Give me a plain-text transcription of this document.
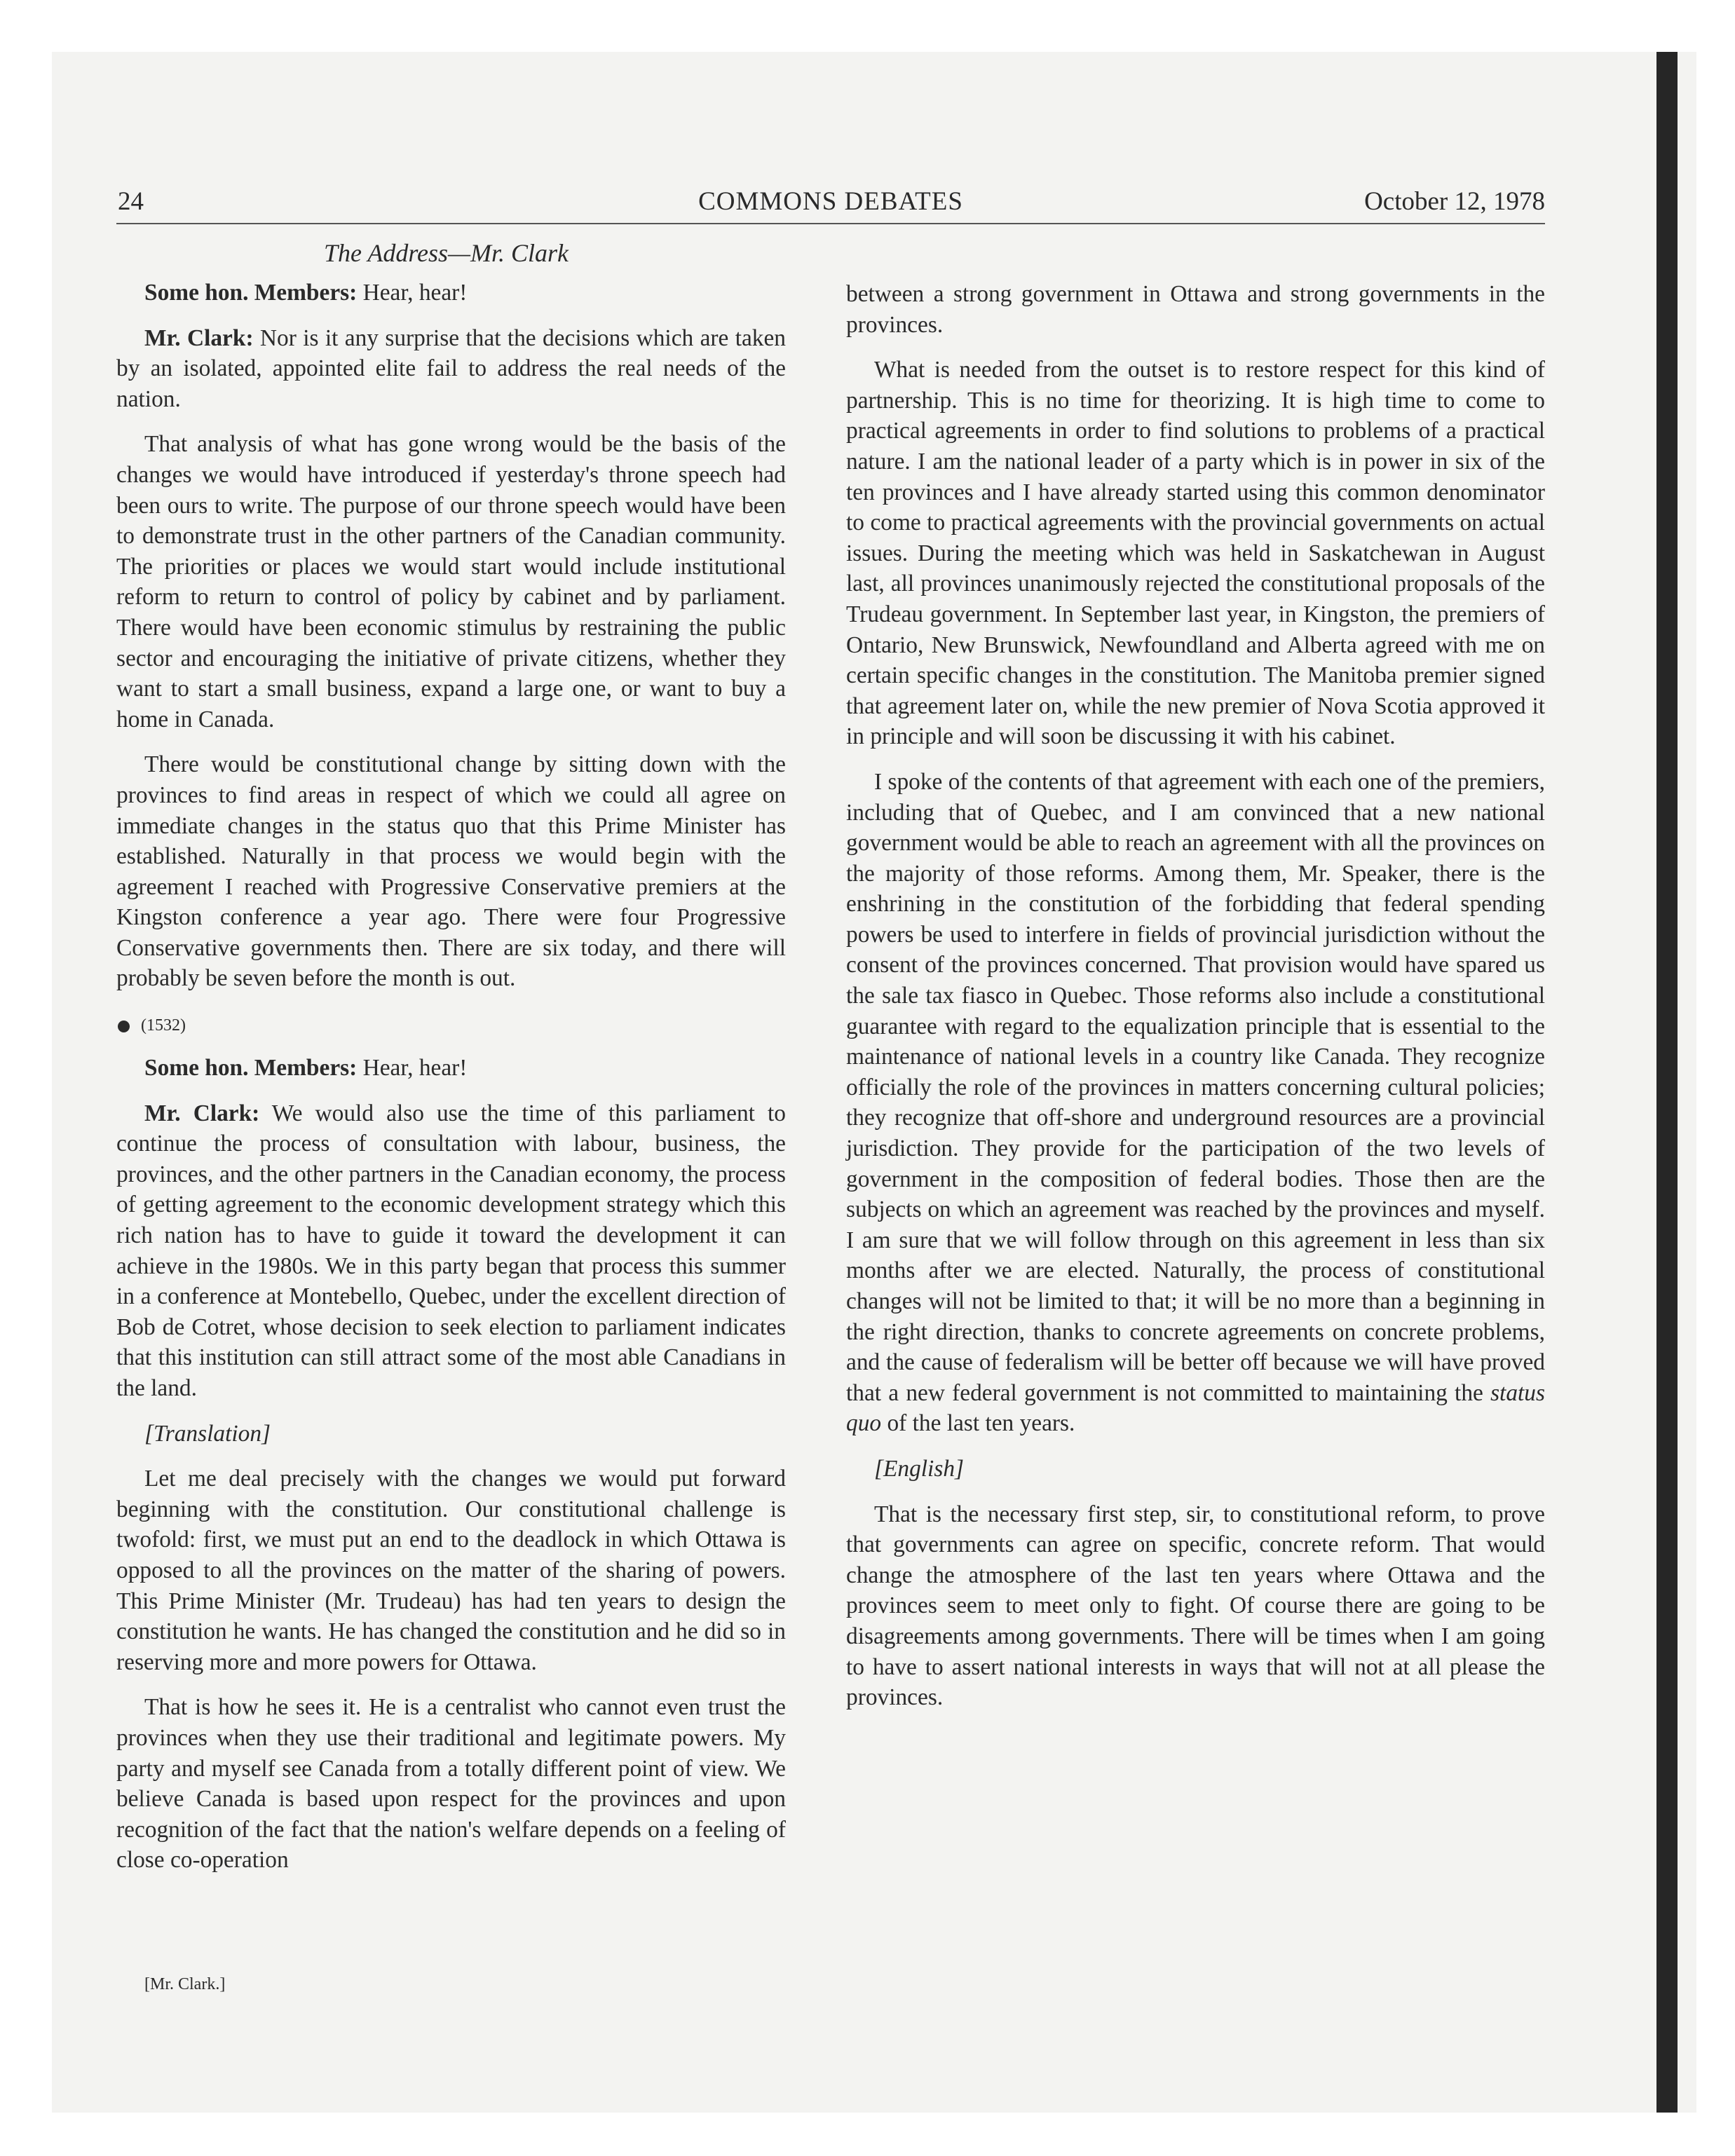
24	COMMONS DEBATES	October 12, 1978
The Address—Mr. Clark

Some hon. Members: Hear, hear!

Mr. Clark: Nor is it any surprise that the decisions which are taken by an isolated, appointed elite fail to address the real needs of the nation.

That analysis of what has gone wrong would be the basis of the changes we would have introduced if yesterday's throne speech had been ours to write. The purpose of our throne speech would have been to demonstrate trust in the other partners of the Canadian community. The priorities or places we would start would include institutional reform to return to control of policy by cabinet and by parliament. There would have been economic stimulus by restraining the public sector and encouraging the initiative of private citizens, whether they want to start a small business, expand a large one, or want to buy a home in Canada.

There would be constitutional change by sitting down with the provinces to find areas in respect of which we could all agree on immediate changes in the status quo that this Prime Minister has established. Naturally in that process we would begin with the agreement I reached with Progressive Conservative premiers at the Kingston conference a year ago. There were four Progressive Conservative governments then. There are six today, and there will probably be seven before the month is out.

(1532)

Some hon. Members: Hear, hear!

Mr. Clark: We would also use the time of this parliament to continue the process of consultation with labour, business, the provinces, and the other partners in the Canadian economy, the process of getting agreement to the economic development strategy which this rich nation has to have to guide it toward the development it can achieve in the 1980s. We in this party began that process this summer in a conference at Montebello, Quebec, under the excellent direction of Bob de Cotret, whose decision to seek election to parliament indicates that this institution can still attract some of the most able Canadians in the land.

[Translation]

Let me deal precisely with the changes we would put forward beginning with the constitution. Our constitutional challenge is twofold: first, we must put an end to the deadlock in which Ottawa is opposed to all the provinces on the matter of the sharing of powers. This Prime Minister (Mr. Trudeau) has had ten years to design the constitution he wants. He has changed the constitution and he did so in reserving more and more powers for Ottawa.

That is how he sees it. He is a centralist who cannot even trust the provinces when they use their traditional and legitimate powers. My party and myself see Canada from a totally different point of view. We believe Canada is based upon respect for the provinces and upon recognition of the fact that the nation's welfare depends on a feeling of close co-operation

between a strong government in Ottawa and strong governments in the provinces.

What is needed from the outset is to restore respect for this kind of partnership. This is no time for theorizing. It is high time to come to practical agreements in order to find solutions to problems of a practical nature. I am the national leader of a party which is in power in six of the ten provinces and I have already started using this common denominator to come to practical agreements with the provincial governments on actual issues. During the meeting which was held in Saskatchewan in August last, all provinces unanimously rejected the constitutional proposals of the Trudeau government. In September last year, in Kingston, the premiers of Ontario, New Brunswick, Newfoundland and Alberta agreed with me on certain specific changes in the constitution. The Manitoba premier signed that agreement later on, while the new premier of Nova Scotia approved it in principle and will soon be discussing it with his cabinet.

I spoke of the contents of that agreement with each one of the premiers, including that of Quebec, and I am convinced that a new national government would be able to reach an agreement with all the provinces on the majority of those reforms. Among them, Mr. Speaker, there is the enshrining in the constitution of the forbidding that federal spending powers be used to interfere in fields of provincial jurisdiction without the consent of the provinces concerned. That provision would have spared us the sale tax fiasco in Quebec. Those reforms also include a constitutional guarantee with regard to the equalization principle that is essential to the maintenance of national levels in a country like Canada. They recognize officially the role of the provinces in matters concerning cultural policies; they recognize that off-shore and underground resources are a provincial jurisdiction. They provide for the participation of the two levels of government in the composition of federal bodies. Those then are the subjects on which an agreement was reached by the provinces and myself. I am sure that we will follow through on this agreement in less than six months after we are elected. Naturally, the process of constitutional changes will not be limited to that; it will be no more than a beginning in the right direction, thanks to concrete agreements on concrete problems, and the cause of federalism will be better off because we will have proved that a new federal government is not committed to maintaining the status quo of the last ten years.

[English]

That is the necessary first step, sir, to constitutional reform, to prove that governments can agree on specific, concrete reform. That would change the atmosphere of the last ten years where Ottawa and the provinces seem to meet only to fight. Of course there are going to be disagreements among governments. There will be times when I am going to have to assert national interests in ways that will not at all please the provinces.

[Mr. Clark.]
